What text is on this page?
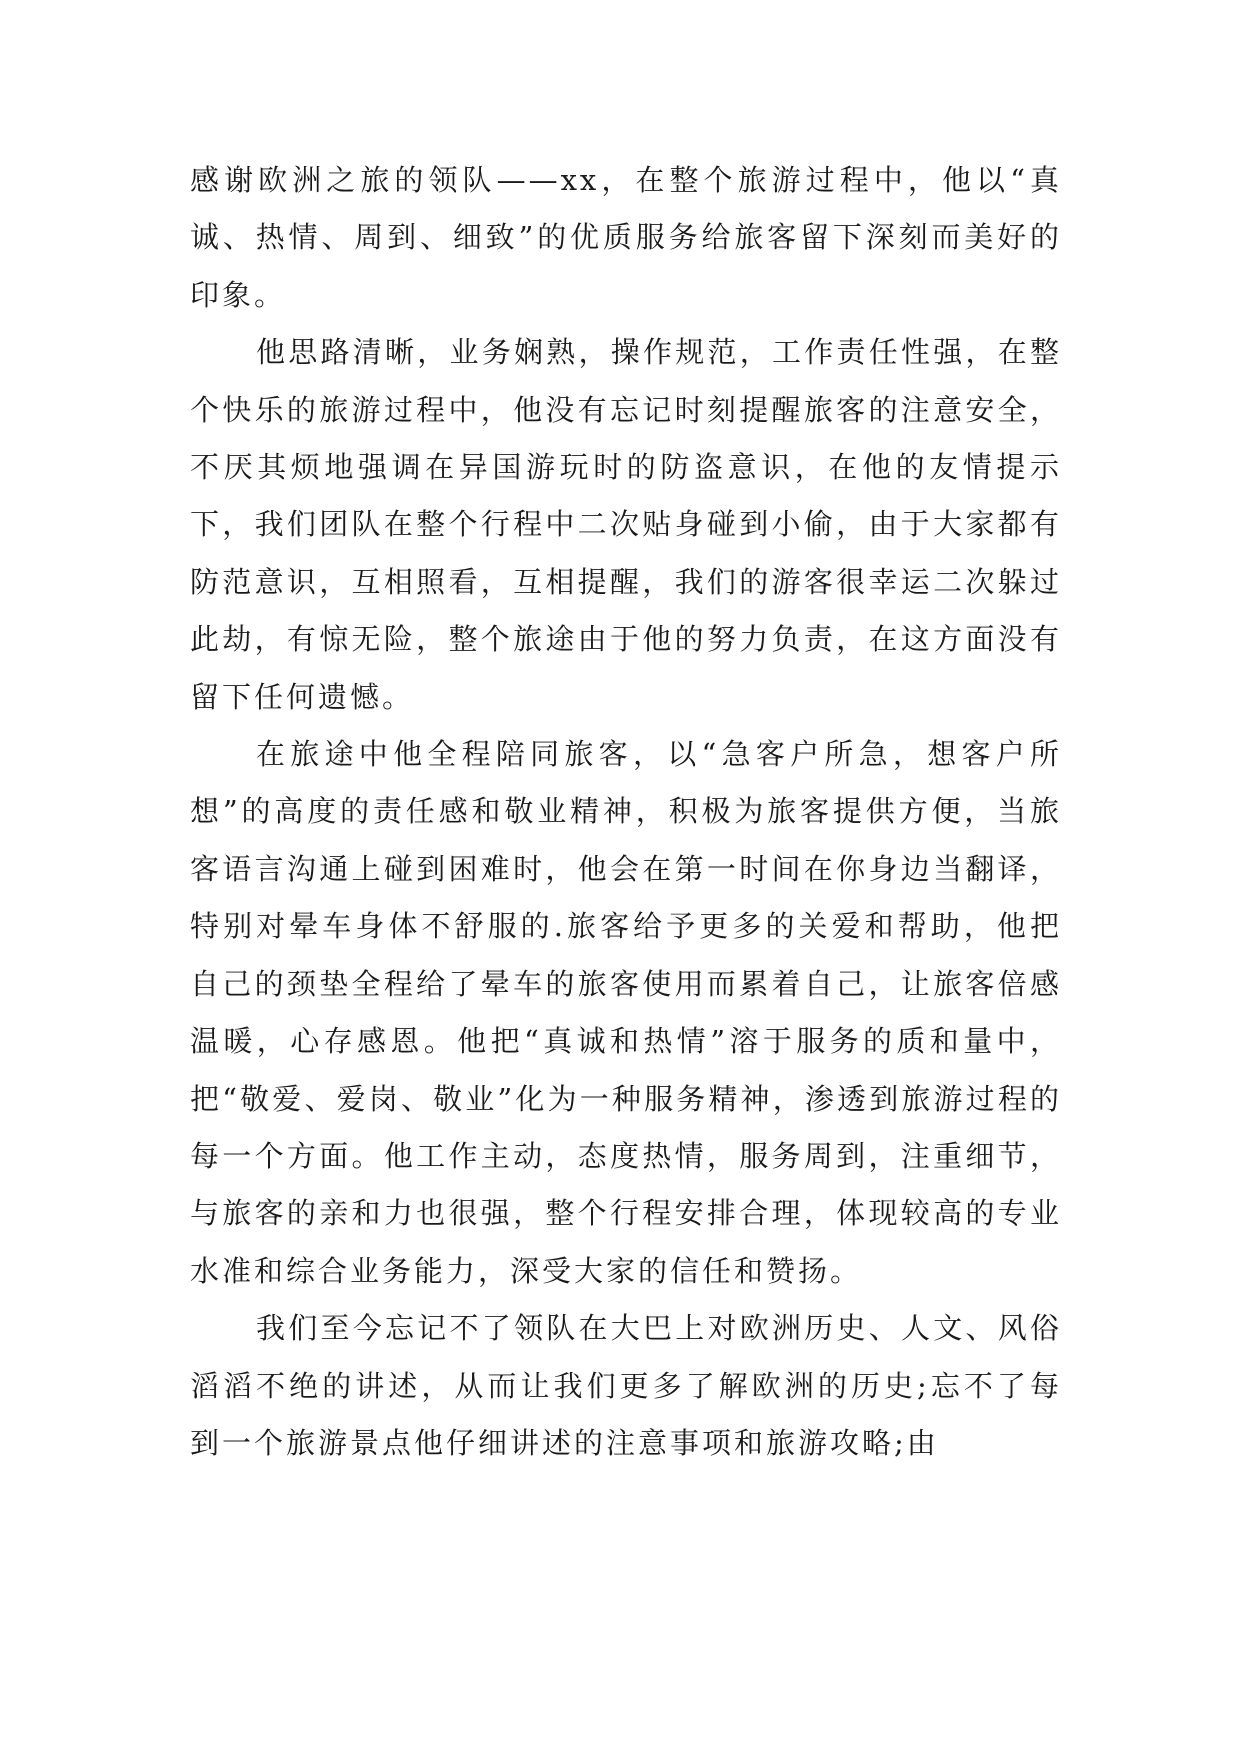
感谢欧洲之旅的领队——xx，在整个旅游过程中，他以“真诚、热情、周到、细致”的优质服务给旅客留下深刻而美好的印象。

他思路清晰，业务娴熟，操作规范，工作责任性强，在整个快乐的旅游过程中，他没有忘记时刻提醒旅客的注意安全，不厌其烦地强调在异国游玩时的防盗意识，在他的友情提示下，我们团队在整个行程中二次贴身碰到小偷，由于大家都有防范意识，互相照看，互相提醒，我们的游客很幸运二次躲过此劫，有惊无险，整个旅途由于他的努力负责，在这方面没有留下任何遗憾。

在旅途中他全程陪同旅客，以“急客户所急，想客户所想”的高度的责任感和敬业精神，积极为旅客提供方便，当旅客语言沟通上碰到困难时，他会在第一时间在你身边当翻译，特别对晕车身体不舒服的.旅客给予更多的关爱和帮助，他把自己的颈垫全程给了晕车的旅客使用而累着自己，让旅客倍感温暖，心存感恩。他把“真诚和热情”溶于服务的质和量中，把“敬爱、爱岗、敬业”化为一种服务精神，渗透到旅游过程的每一个方面。他工作主动，态度热情，服务周到，注重细节，与旅客的亲和力也很强，整个行程安排合理，体现较高的专业水准和综合业务能力，深受大家的信任和赞扬。

我们至今忘记不了领队在大巴上对欧洲历史、人文、风俗滔滔不绝的讲述，从而让我们更多了解欧洲的历史;忘不了每到一个旅游景点他仔细讲述的注意事项和旅游攻略;由
